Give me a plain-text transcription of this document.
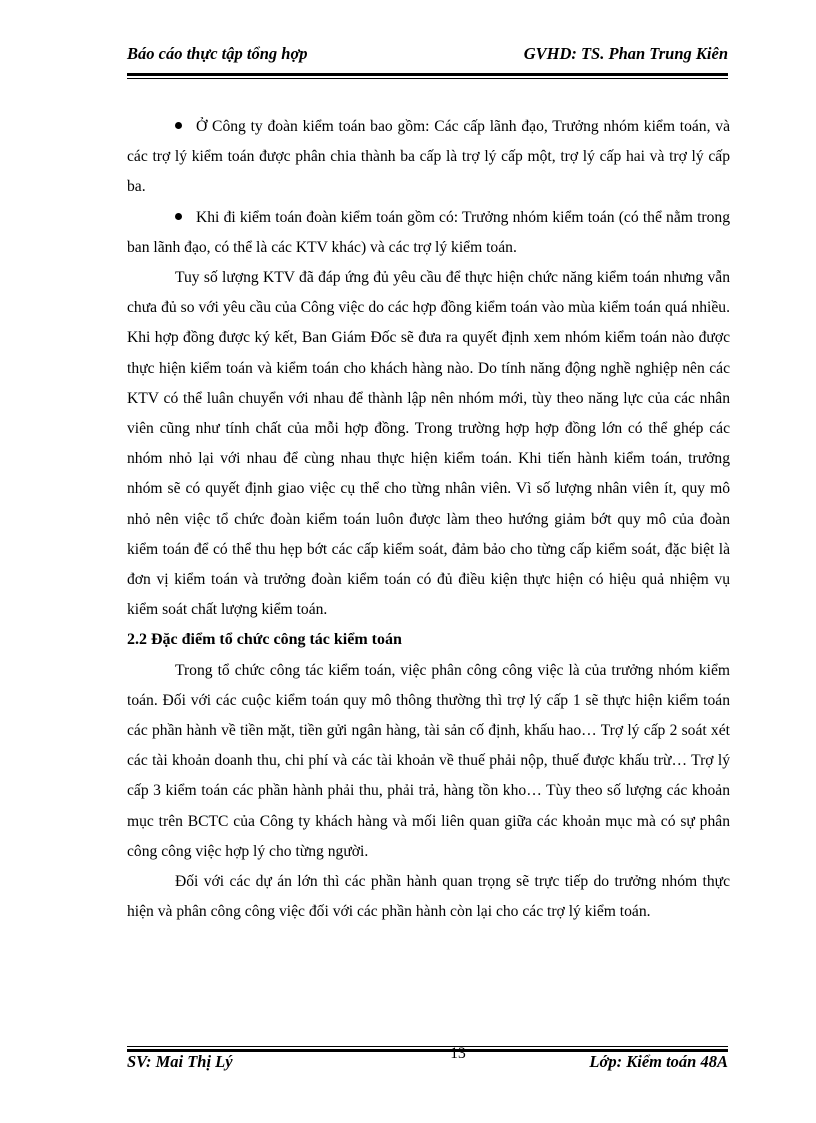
Báo cáo thực tập tổng hợp	GVHD: TS. Phan Trung Kiên

Ở Công ty đoàn kiểm toán bao gồm: Các cấp lãnh đạo, Trưởng nhóm kiểm toán, và các trợ lý kiểm toán được phân chia thành ba cấp là trợ lý cấp một, trợ lý cấp hai và trợ lý cấp ba.

Khi đi kiểm toán đoàn kiểm toán gồm có: Trưởng nhóm kiểm toán (có thể nằm trong ban lãnh đạo, có thể là các KTV khác) và các trợ lý kiểm toán.

Tuy số lượng KTV đã đáp ứng đủ yêu cầu để thực hiện chức năng kiểm toán nhưng vẫn chưa đủ so với yêu cầu của Công việc do các hợp đồng kiểm toán vào mùa kiểm toán quá nhiều. Khi hợp đồng được ký kết, Ban Giám Đốc sẽ đưa ra quyết định xem nhóm kiểm toán nào được thực hiện kiểm toán và kiểm toán cho khách hàng nào. Do tính năng động nghề nghiệp nên các KTV có thể luân chuyển với nhau để thành lập nên nhóm mới, tùy theo năng lực của các nhân viên cũng như tính chất của mỗi hợp đồng. Trong trường hợp hợp đồng lớn có thể ghép các nhóm nhỏ lại với nhau để cùng nhau thực hiện kiểm toán. Khi tiến hành kiểm toán, trưởng nhóm sẽ có quyết định giao việc cụ thể cho từng nhân viên. Vì số lượng nhân viên ít, quy mô nhỏ nên việc tổ chức đoàn kiểm toán luôn được làm theo hướng giảm bớt quy mô của đoàn kiểm toán để có thể thu hẹp bớt các cấp kiểm soát, đảm bảo cho từng cấp kiểm soát, đặc biệt là đơn vị kiểm toán và trưởng đoàn kiểm toán có đủ điều kiện thực hiện có hiệu quả nhiệm vụ kiểm soát chất lượng kiểm toán.

2.2 Đặc điểm tổ chức công tác kiểm toán

Trong tổ chức công tác kiểm toán, việc phân công công việc là của trưởng nhóm kiểm toán. Đối với các cuộc kiểm toán quy mô thông thường thì trợ lý cấp 1 sẽ thực hiện kiểm toán các phần hành về tiền mặt, tiền gửi ngân hàng, tài sản cố định, khấu hao… Trợ lý cấp 2 soát xét các tài khoản doanh thu, chi phí và các tài khoản về thuế phải nộp, thuế được khấu trừ… Trợ lý cấp 3 kiểm toán các phần hành phải thu, phải trả, hàng tồn kho… Tùy theo số lượng các khoản mục trên BCTC của Công ty khách hàng và mối liên quan giữa các khoản mục mà có sự phân công công việc hợp lý cho từng người.

Đối với các dự án lớn thì các phần hành quan trọng sẽ trực tiếp do trưởng nhóm thực hiện và phân công công việc đối với các phần hành còn lại cho các trợ lý kiểm toán.

13
SV: Mai Thị Lý	Lớp: Kiểm toán 48A
